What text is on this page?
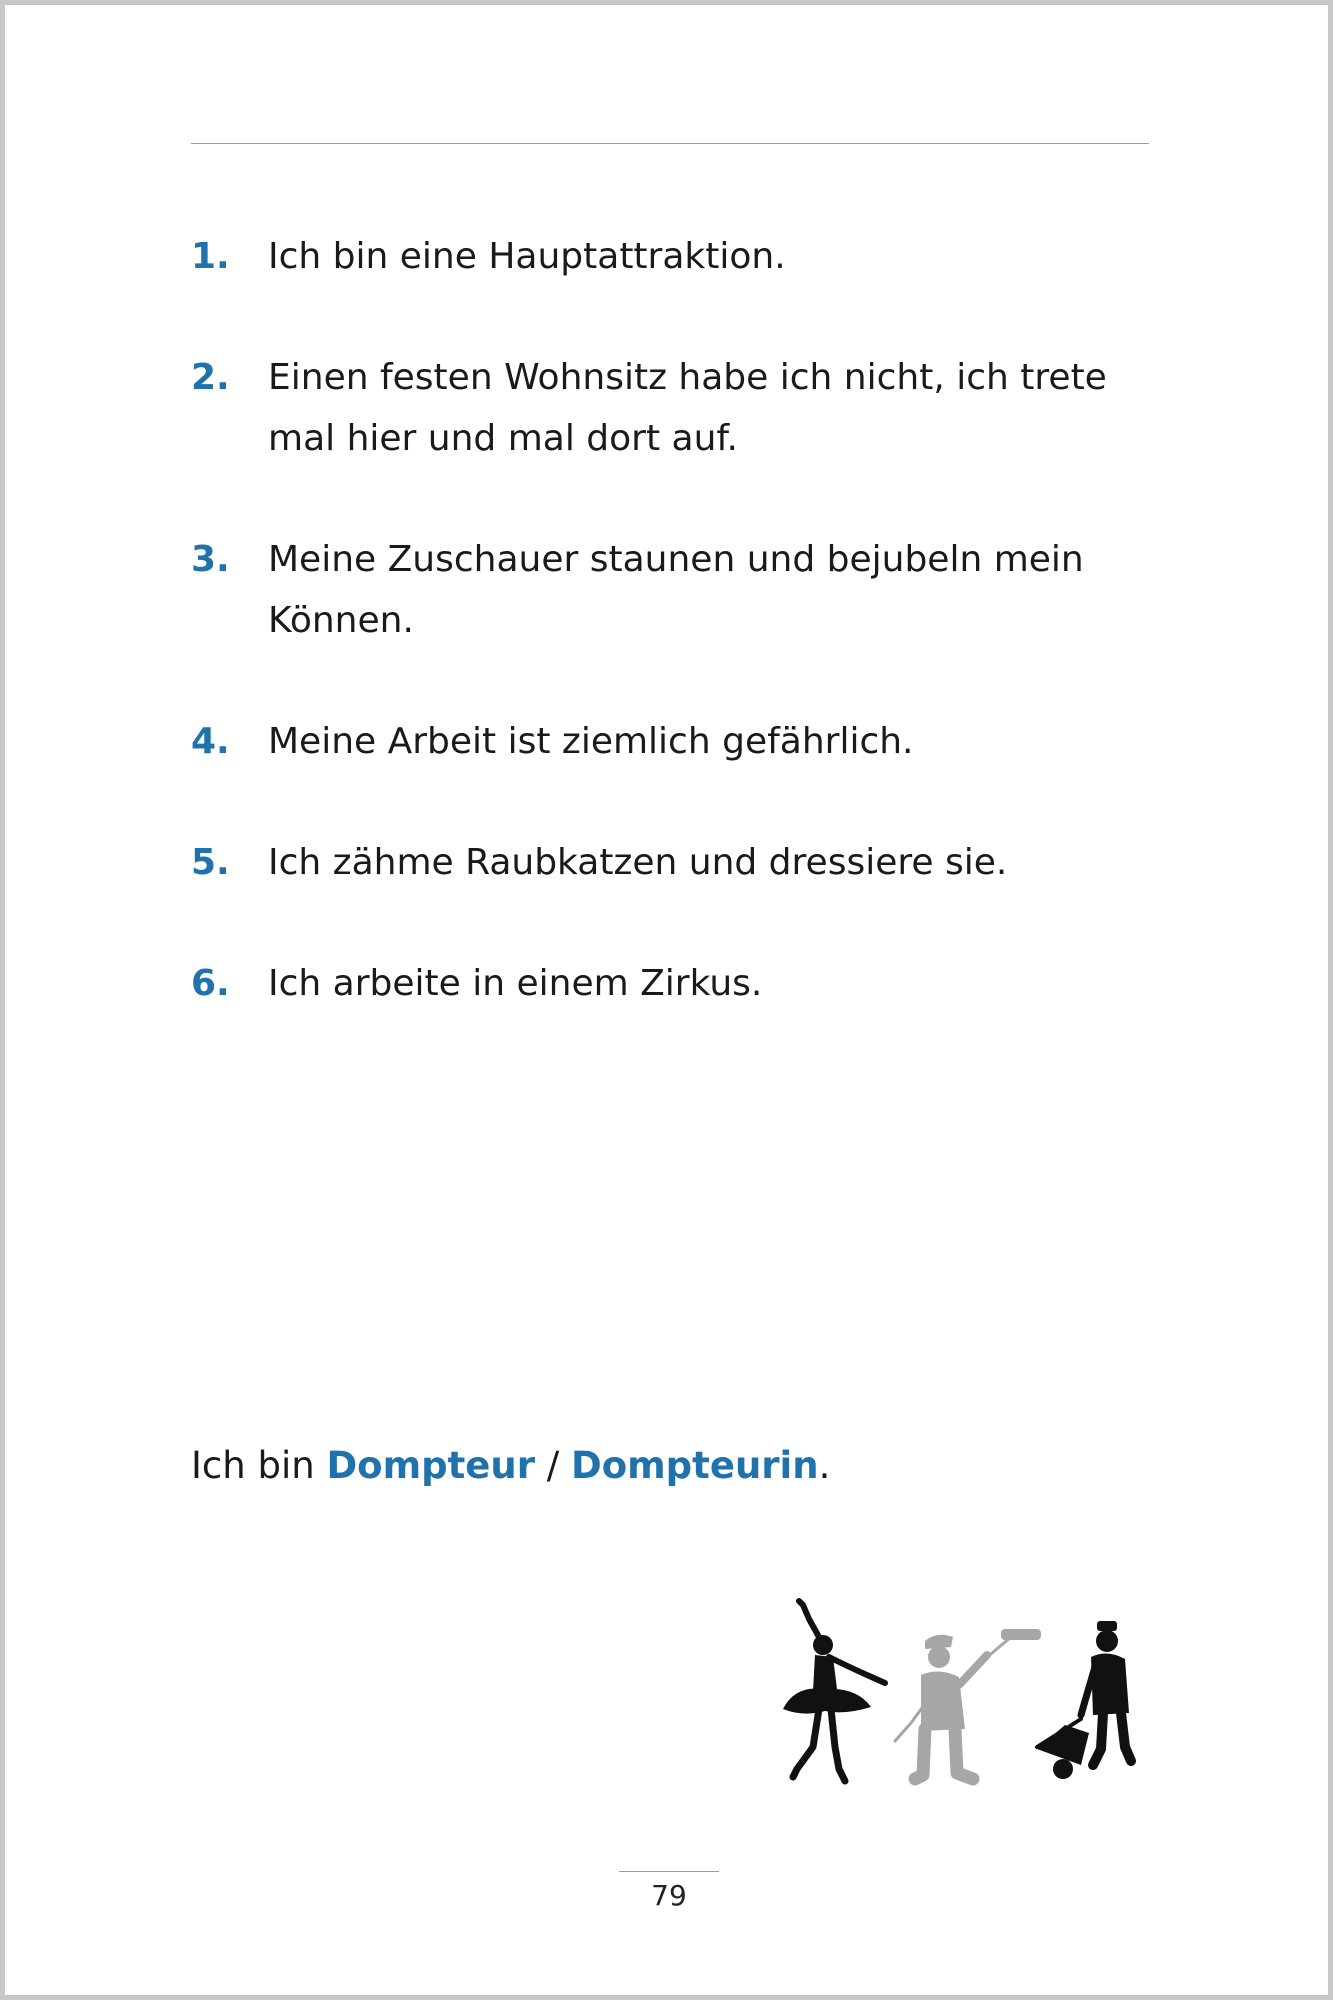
1. Ich bin eine Hauptattraktion.
2. Einen festen Wohnsitz habe ich nicht, ich trete mal hier und mal dort auf.
3. Meine Zuschauer staunen und bejubeln mein Können.
4. Meine Arbeit ist ziemlich gefährlich.
5. Ich zähme Raubkatzen und dressiere sie.
6. Ich arbeite in einem Zirkus.
Ich bin Dompteur / Dompteurin.
79
